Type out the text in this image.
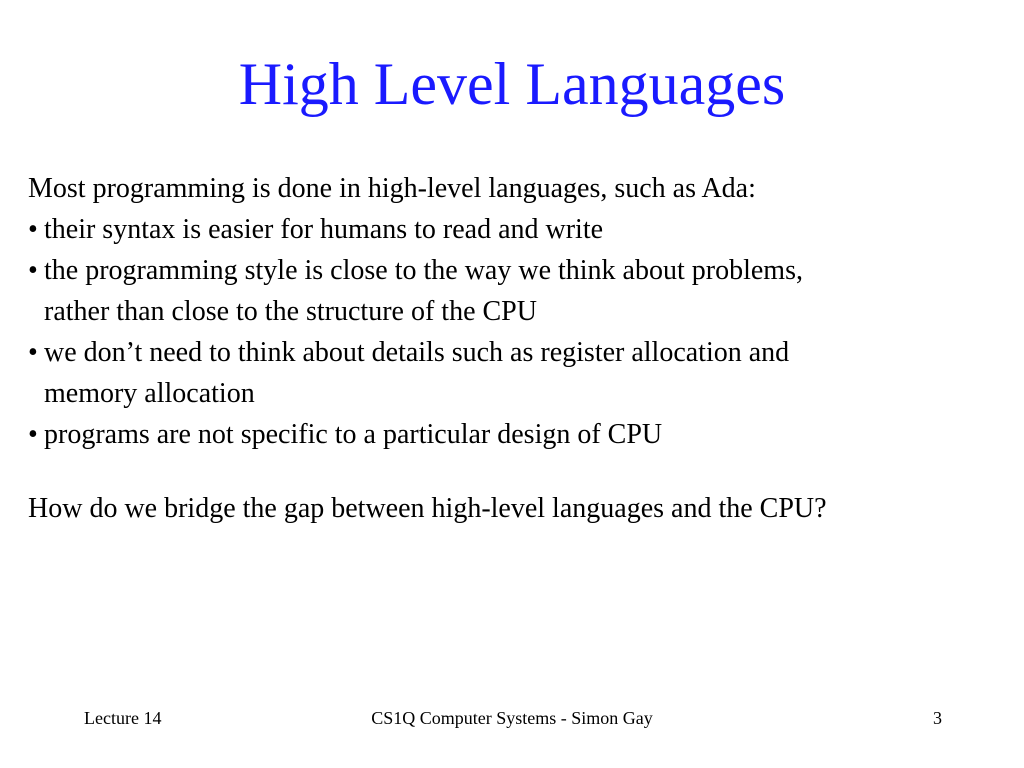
High Level Languages

Most programming is done in high-level languages, such as Ada:

• their syntax is easier for humans to read and write
• the programming style is close to the way we think about problems,
rather than close to the structure of the CPU
• we don’t need to think about details such as register allocation and
memory allocation
• programs are not specific to a particular design of CPU

How do we bridge the gap between high-level languages and the CPU?

Lecture 14	CS1Q Computer Systems - Simon Gay	3
